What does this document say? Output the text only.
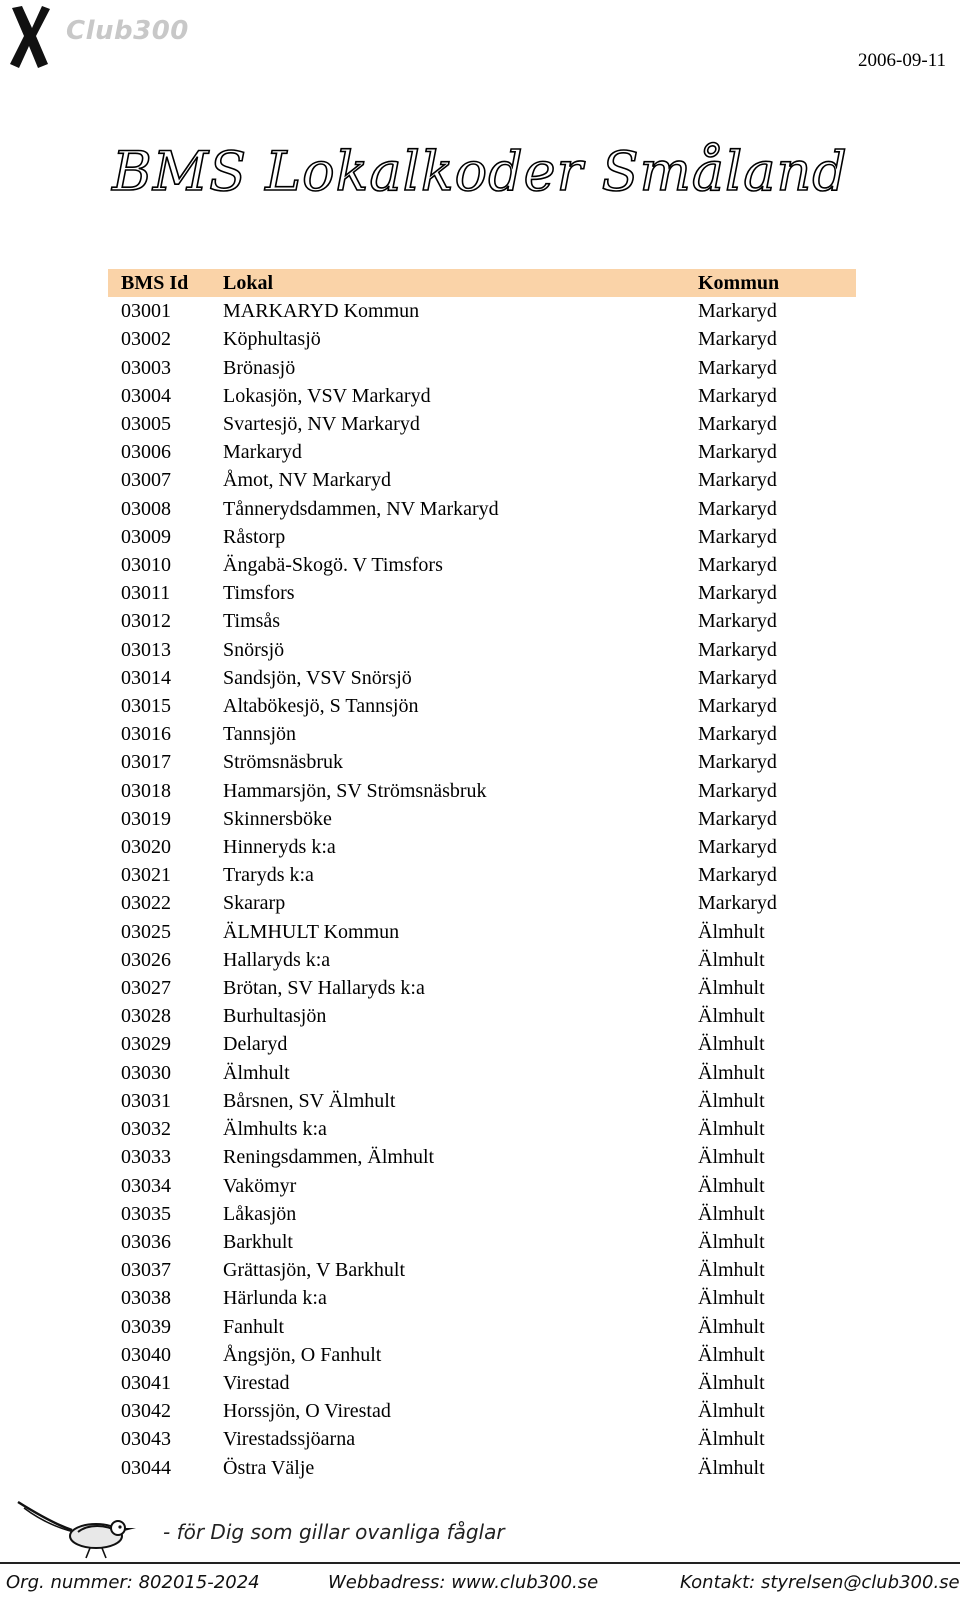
Club300
2006-09-11
BMS Lokalkoder Småland
BMS Id	Lokal	Kommun
03001	MARKARYD Kommun	Markaryd
03002	Köphultasjö	Markaryd
03003	Brönasjö	Markaryd
03004	Lokasjön, VSV Markaryd	Markaryd
03005	Svartesjö, NV Markaryd	Markaryd
03006	Markaryd	Markaryd
03007	Åmot, NV Markaryd	Markaryd
03008	Tånnerydsdammen, NV Markaryd	Markaryd
03009	Råstorp	Markaryd
03010	Ängabä-Skogö. V Timsfors	Markaryd
03011	Timsfors	Markaryd
03012	Timsås	Markaryd
03013	Snörsjö	Markaryd
03014	Sandsjön, VSV Snörsjö	Markaryd
03015	Altabökesjö, S Tannsjön	Markaryd
03016	Tannsjön	Markaryd
03017	Strömsnäsbruk	Markaryd
03018	Hammarsjön, SV Strömsnäsbruk	Markaryd
03019	Skinnersböke	Markaryd
03020	Hinneryds k:a	Markaryd
03021	Traryds k:a	Markaryd
03022	Skararp	Markaryd
03025	ÄLMHULT Kommun	Älmhult
03026	Hallaryds k:a	Älmhult
03027	Brötan, SV Hallaryds k:a	Älmhult
03028	Burhultasjön	Älmhult
03029	Delaryd	Älmhult
03030	Älmhult	Älmhult
03031	Bårsnen, SV Älmhult	Älmhult
03032	Älmhults k:a	Älmhult
03033	Reningsdammen, Älmhult	Älmhult
03034	Vakömyr	Älmhult
03035	Låkasjön	Älmhult
03036	Barkhult	Älmhult
03037	Grättasjön, V Barkhult	Älmhult
03038	Härlunda k:a	Älmhult
03039	Fanhult	Älmhult
03040	Ångsjön, O Fanhult	Älmhult
03041	Virestad	Älmhult
03042	Horssjön, O Virestad	Älmhult
03043	Virestadssjöarna	Älmhult
03044	Östra Välje	Älmhult
- för Dig som gillar ovanliga fåglar
Org. nummer: 802015-2024	Webbadress: www.club300.se	Kontakt: styrelsen@club300.se
